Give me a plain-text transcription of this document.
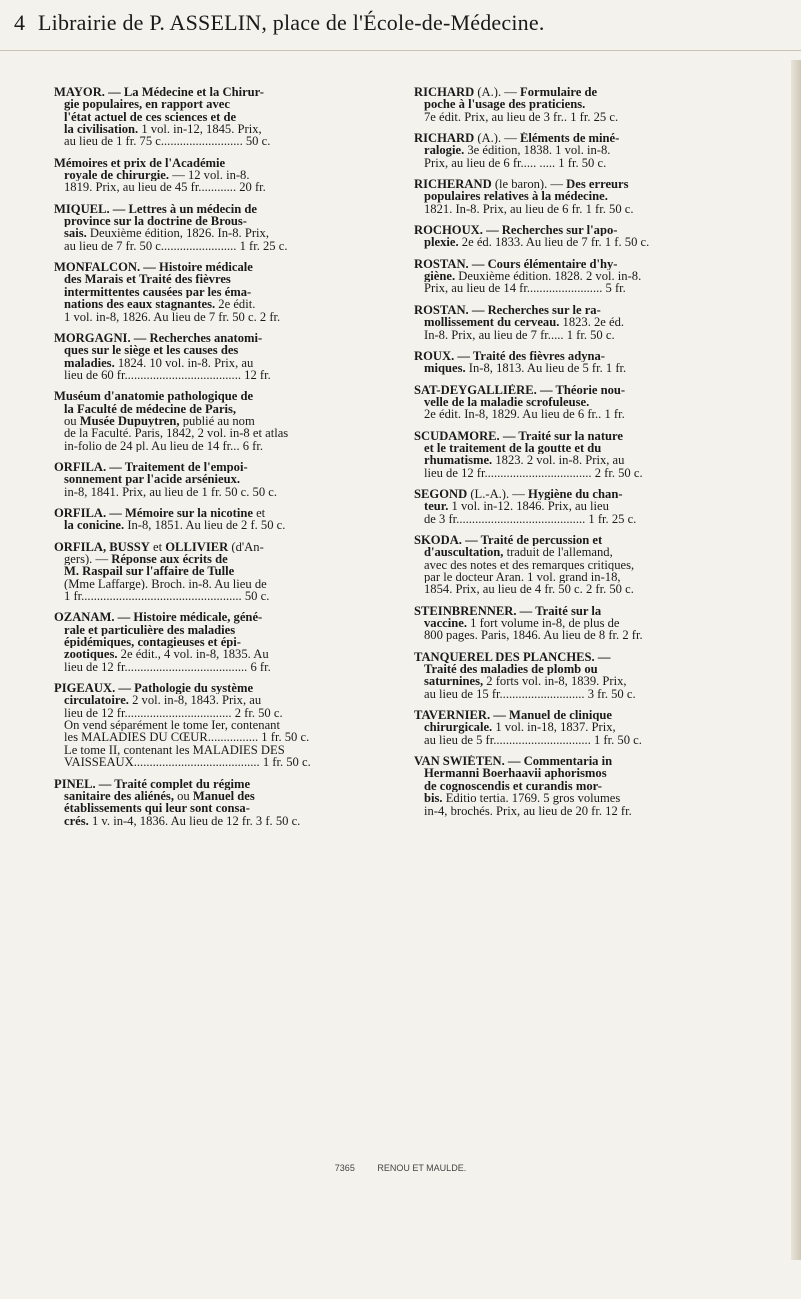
4 Librairie de P. ASSELIN, place de l'École-de-Médecine.
MAYOR. — La Médecine et la Chirur-
gie populaires, en rapport avec
l'état actuel de ces sciences et de
la civilisation. 1 vol. in-12, 1845. Prix,
au lieu de 1 fr. 75 c.......................... 50 c.
Mémoires et prix de l'Académie
royale de chirurgie. — 12 vol. in-8.
1819. Prix, au lieu de 45 fr............ 20 fr.
MIQUEL. — Lettres à un médecin de
province sur la doctrine de Brous-
sais. Deuxième édition, 1826. In-8. Prix,
au lieu de 7 fr. 50 c........................ 1 fr. 25 c.
MONFALCON. — Histoire médicale
des Marais et Traité des fièvres
intermittentes causées par les éma-
nations des eaux stagnantes. 2e édit.
1 vol. in-8, 1826. Au lieu de 7 fr. 50 c. 2 fr.
MORGAGNI. — Recherches anatomi-
ques sur le siège et les causes des
maladies. 1824. 10 vol. in-8. Prix, au
lieu de 60 fr..................................... 12 fr.
Muséum d'anatomie pathologique de
la Faculté de médecine de Paris,
ou Musée Dupuytren, publié au nom
de la Faculté. Paris, 1842, 2 vol. in-8 et atlas
in-folio de 24 pl. Au lieu de 14 fr... 6 fr.
ORFILA. — Traitement de l'empoi-
sonnement par l'acide arsénieux.
in-8, 1841. Prix, au lieu de 1 fr. 50 c. 50 c.
ORFILA. — Mémoire sur la nicotine et
la conicine. In-8, 1851. Au lieu de 2 f. 50 c.
ORFILA, BUSSY et OLLIVIER (d'An-
gers). — Réponse aux écrits de
M. Raspail sur l'affaire de Tulle
(Mme Laffarge). Broch. in-8. Au lieu de
1 fr................................................... 50 c.
OZANAM. — Histoire médicale, géné-
rale et particulière des maladies
épidémiques, contagieuses et épi-
zootiques. 2e édit., 4 vol. in-8, 1835. Au
lieu de 12 fr....................................... 6 fr.
PIGEAUX. — Pathologie du système
circulatoire. 2 vol. in-8, 1843. Prix, au
lieu de 12 fr.................................. 2 fr. 50 c.
On vend séparément le tome Ier, contenant
les MALADIES DU CŒUR................ 1 fr. 50 c.
Le tome II, contenant les MALADIES DES
VAISSEAUX........................................ 1 fr. 50 c.
PINEL. — Traité complet du régime
sanitaire des aliénés, ou Manuel des
établissements qui leur sont consa-
crés. 1 v. in-4, 1836. Au lieu de 12 fr. 3 f. 50 c.
RICHARD (A.). — Formulaire de
poche à l'usage des praticiens.
7e édit. Prix, au lieu de 3 fr.. 1 fr. 25 c.
RICHARD (A.). — Éléments de miné-
ralogie. 3e édition, 1838. 1 vol. in-8.
Prix, au lieu de 6 fr..... ..... 1 fr. 50 c.
RICHERAND (le baron). — Des erreurs
populaires relatives à la médecine.
1821. In-8. Prix, au lieu de 6 fr. 1 fr. 50 c.
ROCHOUX. — Recherches sur l'apo-
plexie. 2e éd. 1833. Au lieu de 7 fr. 1 f. 50 c.
ROSTAN. — Cours élémentaire d'hy-
giène. Deuxième édition. 1828. 2 vol. in-8.
Prix, au lieu de 14 fr........................ 5 fr.
ROSTAN. — Recherches sur le ra-
mollissement du cerveau. 1823. 2e éd.
In-8. Prix, au lieu de 7 fr..... 1 fr. 50 c.
ROUX. — Traité des fièvres adyna-
miques. In-8, 1813. Au lieu de 5 fr. 1 fr.
SAT-DEYGALLIÈRE. — Théorie nou-
velle de la maladie scrofuleuse.
2e édit. In-8, 1829. Au lieu de 6 fr.. 1 fr.
SCUDAMORE. — Traité sur la nature
et le traitement de la goutte et du
rhumatisme. 1823. 2 vol. in-8. Prix, au
lieu de 12 fr.................................. 2 fr. 50 c.
SEGOND (L.-A.). — Hygiène du chan-
teur. 1 vol. in-12. 1846. Prix, au lieu
de 3 fr......................................... 1 fr. 25 c.
SKODA. — Traité de percussion et
d'auscultation, traduit de l'allemand,
avec des notes et des remarques critiques,
par le docteur Aran. 1 vol. grand in-18,
1854. Prix, au lieu de 4 fr. 50 c. 2 fr. 50 c.
STEINBRENNER. — Traité sur la
vaccine. 1 fort volume in-8, de plus de
800 pages. Paris, 1846. Au lieu de 8 fr. 2 fr.
TANQUEREL DES PLANCHES. —
Traité des maladies de plomb ou
saturnines, 2 forts vol. in-8, 1839. Prix,
au lieu de 15 fr........................... 3 fr. 50 c.
TAVERNIER. — Manuel de clinique
chirurgicale. 1 vol. in-18, 1837. Prix,
au lieu de 5 fr............................... 1 fr. 50 c.
VAN SWIÉTEN. — Commentaria in
Hermanni Boerhaavii aphorismos
de cognoscendis et curandis mor-
bis. Editio tertia. 1769. 5 gros volumes
in-4, brochés. Prix, au lieu de 20 fr. 12 fr.
7365	RENOU ET MAULDE.
